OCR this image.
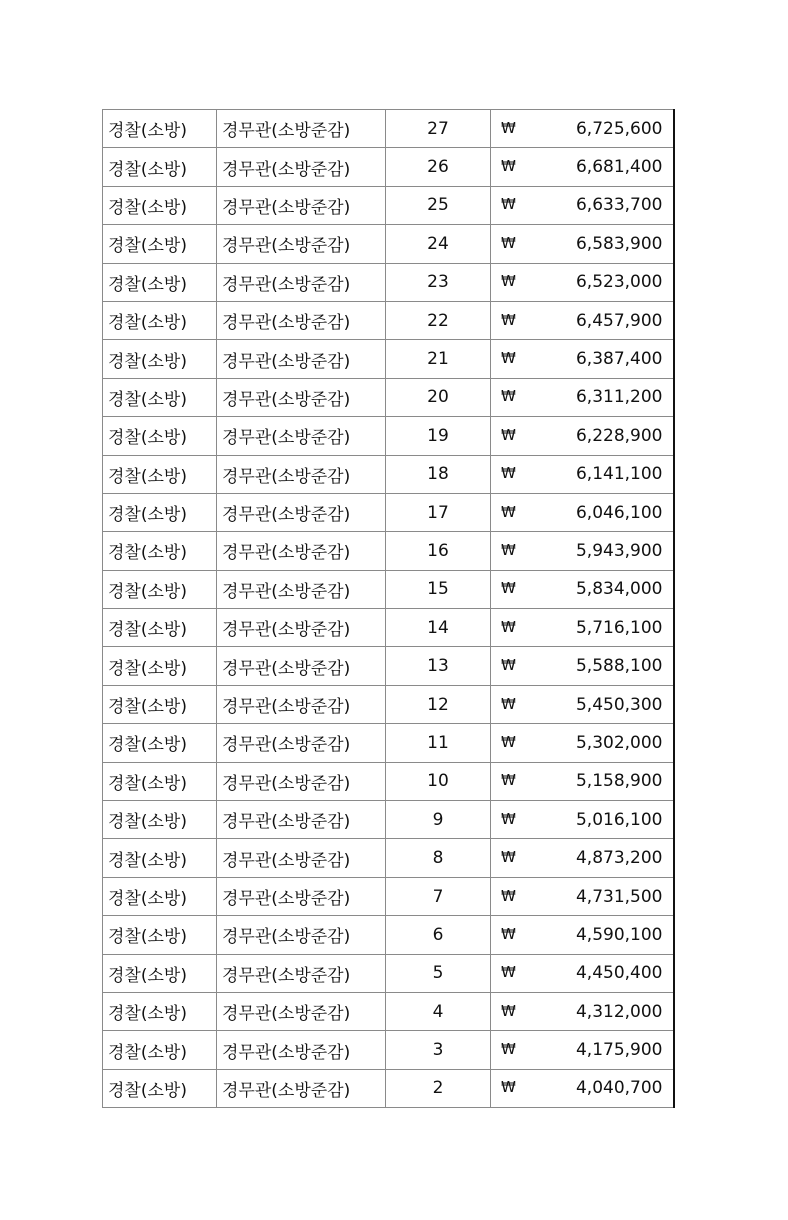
경찰(소방)	경무관(소방준감)	27	₩ 6,725,600

경찰(소방)	경무관(소방준감)	26	₩ 6,681,400

경찰(소방)	경무관(소방준감)	25	₩ 6,633,700

경찰(소방)	경무관(소방준감)	24	₩ 6,583,900

경찰(소방)	경무관(소방준감)	23	₩ 6,523,000

경찰(소방)	경무관(소방준감)	22	₩ 6,457,900

경찰(소방)	경무관(소방준감)	21	₩ 6,387,400

경찰(소방)	경무관(소방준감)	20	₩ 6,311,200

경찰(소방)	경무관(소방준감)	19	₩ 6,228,900

경찰(소방)	경무관(소방준감)	18	₩ 6,141,100

경찰(소방)	경무관(소방준감)	17	₩ 6,046,100

경찰(소방)	경무관(소방준감)	16	₩ 5,943,900

경찰(소방)	경무관(소방준감)	15	₩ 5,834,000

경찰(소방)	경무관(소방준감)	14	₩ 5,716,100

경찰(소방)	경무관(소방준감)	13	₩ 5,588,100

경찰(소방)	경무관(소방준감)	12	₩ 5,450,300

경찰(소방)	경무관(소방준감)	11	₩ 5,302,000

경찰(소방)	경무관(소방준감)	10	₩ 5,158,900

경찰(소방)	경무관(소방준감)	9	₩ 5,016,100

경찰(소방)	경무관(소방준감)	8	₩ 4,873,200

경찰(소방)	경무관(소방준감)	7	₩ 4,731,500

경찰(소방)	경무관(소방준감)	6	₩ 4,590,100

경찰(소방)	경무관(소방준감)	5	₩ 4,450,400

경찰(소방)	경무관(소방준감)	4	₩ 4,312,000

경찰(소방)	경무관(소방준감)	3	₩ 4,175,900

경찰(소방)	경무관(소방준감)	2	₩ 4,040,700
